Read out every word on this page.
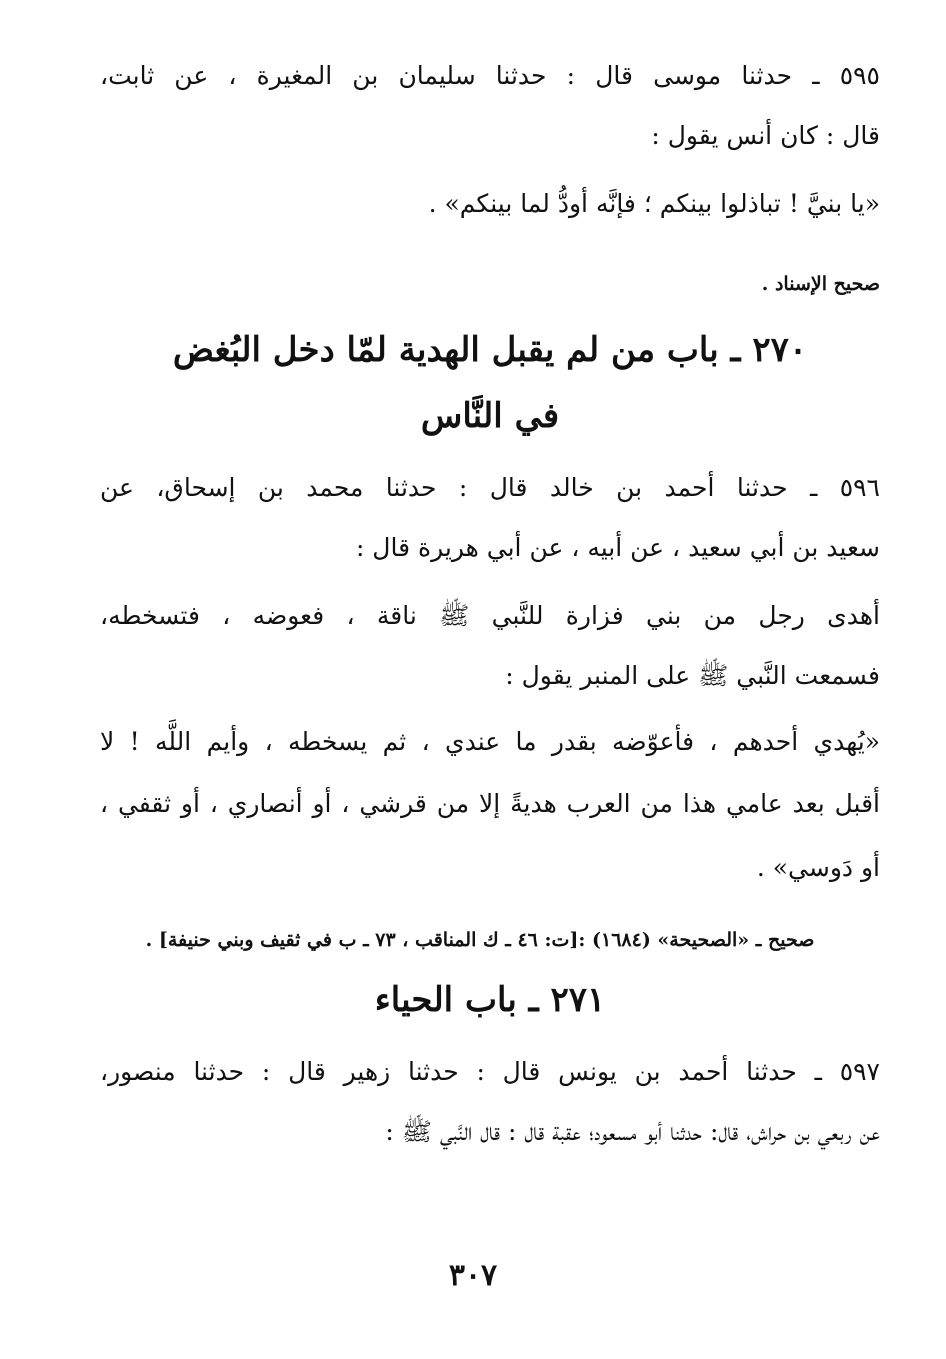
٥٩٥ ـ حدثنا موسى قال : حدثنا سليمان بن المغيرة ، عن ثابت،
قال : كان أنس يقول :
«يا بنيَّ ! تباذلوا بينكم ؛ فإنَّه أودُّ لما بينكم» .
صحيح الإسناد .
٢٧٠ ـ باب من لم يقبل الهدية لمّا دخل البُغض
في النَّاس
٥٩٦ ـ حدثنا أحمد بن خالد قال : حدثنا محمد بن إسحاق، عن
سعيد بن أبي سعيد ، عن أبيه ، عن أبي هريرة قال :
أهدى رجل من بني فزارة للنَّبي ﷺ ناقة ، فعوضه ، فتسخطه،
فسمعت النَّبي ﷺ على المنبر يقول :
«يُهدي أحدهم ، فأعوّضه بقدر ما عندي ، ثم يسخطه ، وأيم اللَّه ! لا
أقبل بعد عامي هذا من العرب هديةً إلا من قرشي ، أو أنصاري ، أو ثقفي ،
أو دَوسي» .
صحيح ـ «الصحيحة» (١٦٨٤) :[ت: ٤٦ ـ ك المناقب ، ٧٣ ـ ب في ثقيف وبني حنيفة] .
٢٧١ ـ باب الحياء
٥٩٧ ـ حدثنا أحمد بن يونس قال : حدثنا زهير قال : حدثنا منصور،
عن ربعي بن حراش، قال: حدثنا أبو مسعود؛ عقبة قال : قال النَّبي ﷺ :
٣٠٧
